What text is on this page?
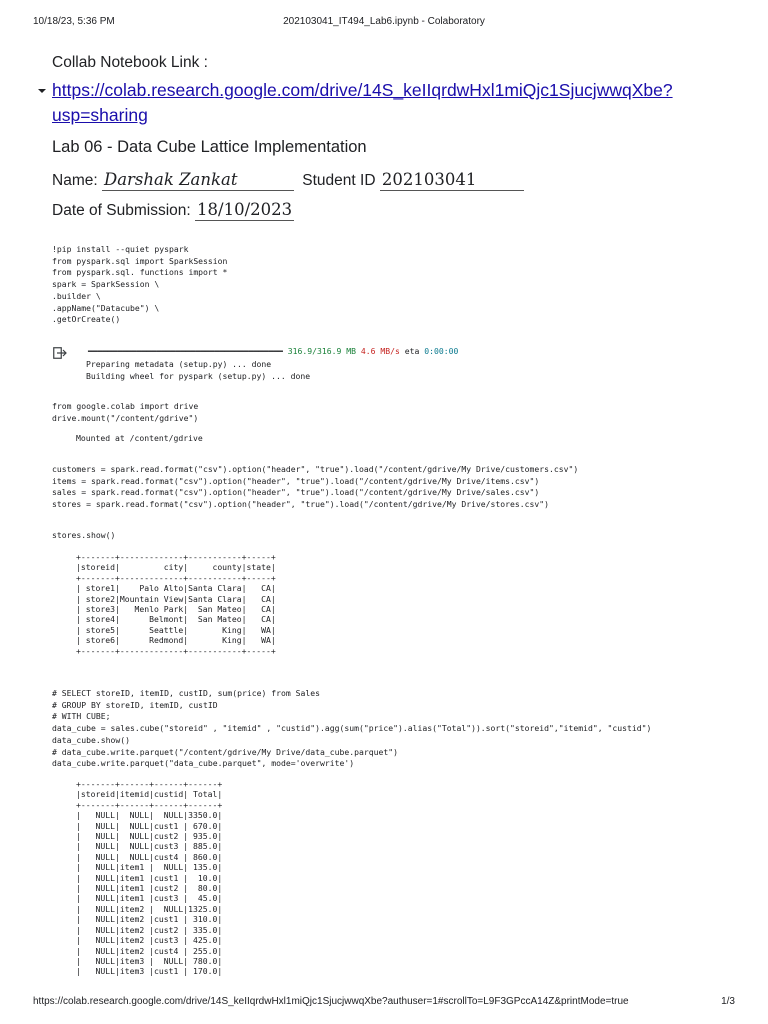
10/18/23, 5:36 PM	202103041_IT494_Lab6.ipynb - Colaboratory
Collab Notebook Link :
https://colab.research.google.com/drive/14S_keIIqrdwHxl1miQjc1SjucjwwqXbe?
usp=sharing
Lab 06 - Data Cube Lattice Implementation
Name: Darshak Zankat	Student ID 202103041
Date of Submission: 18/10/2023
!pip install --quiet pyspark
from pyspark.sql import SparkSession
from pyspark.sql. functions import *
spark = SparkSession \
.builder \
.appName("Datacube") \
.getOrCreate()
━━━━━━━━━━━━━━━━━━━━━━━━━━━━━━━━━━━━━━━━ 316.9/316.9 MB 4.6 MB/s eta 0:00:00
Preparing metadata (setup.py) ... done
Building wheel for pyspark (setup.py) ... done
from google.colab import drive
drive.mount("/content/gdrive")
Mounted at /content/gdrive
customers = spark.read.format("csv").option("header", "true").load("/content/gdrive/My Drive/customers.csv")
items = spark.read.format("csv").option("header", "true").load("/content/gdrive/My Drive/items.csv")
sales = spark.read.format("csv").option("header", "true").load("/content/gdrive/My Drive/sales.csv")
stores = spark.read.format("csv").option("header", "true").load("/content/gdrive/My Drive/stores.csv")
stores.show()
+-------+-------------+-----------+-----+
|storeid|         city|     county|state|
+-------+-------------+-----------+-----+
| store1|    Palo Alto|Santa Clara|   CA|
| store2|Mountain View|Santa Clara|   CA|
| store3|   Menlo Park|  San Mateo|   CA|
| store4|      Belmont|  San Mateo|   CA|
| store5|      Seattle|       King|   WA|
| store6|      Redmond|       King|   WA|
+-------+-------------+-----------+-----+
# SELECT storeID, itemID, custID, sum(price) from Sales
# GROUP BY storeID, itemID, custID
# WITH CUBE;
data_cube = sales.cube("storeid" , "itemid" , "custid").agg(sum("price").alias("Total")).sort("storeid","itemid", "custid")
data_cube.show()
# data_cube.write.parquet("/content/gdrive/My Drive/data_cube.parquet")
data_cube.write.parquet("data_cube.parquet", mode='overwrite')
+-------+------+------+------+
|storeid|itemid|custid| Total|
+-------+------+------+------+
|   NULL|  NULL|  NULL|3350.0|
|   NULL|  NULL|cust1 | 670.0|
|   NULL|  NULL|cust2 | 935.0|
|   NULL|  NULL|cust3 | 885.0|
|   NULL|  NULL|cust4 | 860.0|
|   NULL|item1 |  NULL| 135.0|
|   NULL|item1 |cust1 |  10.0|
|   NULL|item1 |cust2 |  80.0|
|   NULL|item1 |cust3 |  45.0|
|   NULL|item2 |  NULL|1325.0|
|   NULL|item2 |cust1 | 310.0|
|   NULL|item2 |cust2 | 335.0|
|   NULL|item2 |cust3 | 425.0|
|   NULL|item2 |cust4 | 255.0|
|   NULL|item3 |  NULL| 780.0|
|   NULL|item3 |cust1 | 170.0|
https://colab.research.google.com/drive/14S_keIIqrdwHxl1miQjc1SjucjwwqXbe?authuser=1#scrollTo=L9F3GPccA14Z&printMode=true	1/3
